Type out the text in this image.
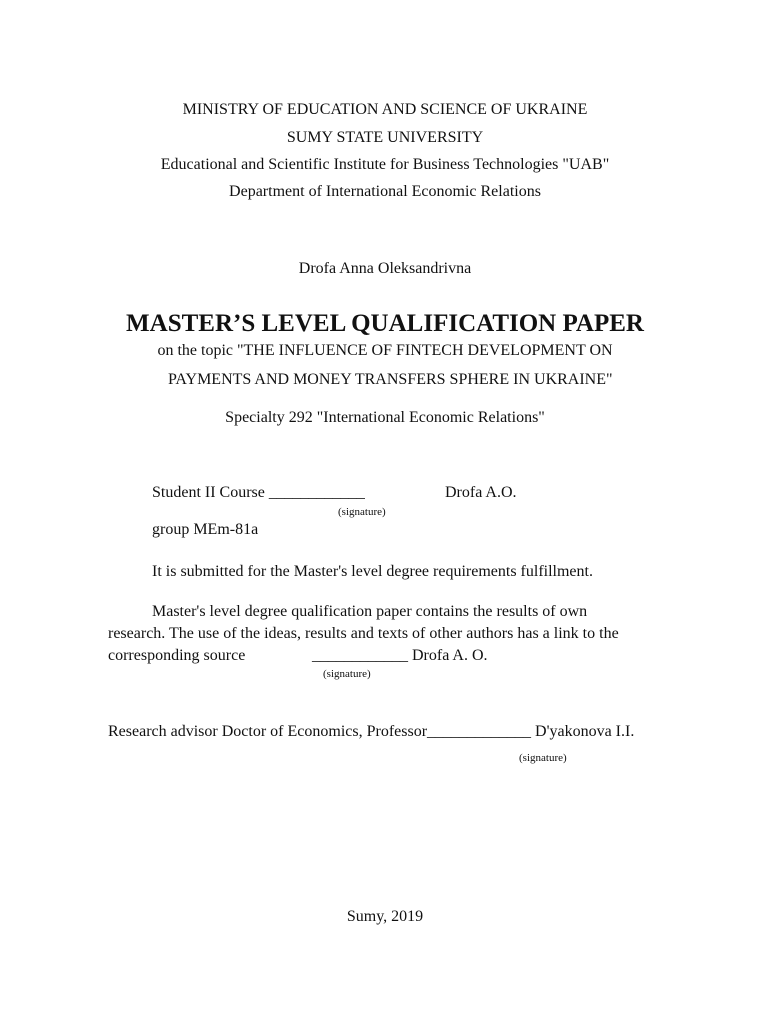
MINISTRY OF EDUCATION AND SCIENCE OF UKRAINE
SUMY STATE UNIVERSITY
Educational and Scientific Institute for Business Technologies "UAB"
Department of International Economic Relations
Drofa Anna Oleksandrivna
MASTER’S LEVEL QUALIFICATION PAPER
on the topic "THE INFLUENCE OF FINTECH DEVELOPMENT ON
PAYMENTS AND MONEY TRANSFERS SPHERE IN UKRAINE"
Specialty 292 "International Economic Relations"
Student II Course ____________	Drofa A.O.
(signature)
group MEm-81a
It is submitted for the Master's level degree requirements fulfillment.
Master's level degree qualification paper contains the results of own
research. The use of the ideas, results and texts of other authors has a link to the
corresponding source	____________ Drofa A. O.
(signature)
Research advisor Doctor of Economics, Professor_____________ D'yakonova I.I.
(signature)
Sumy, 2019
